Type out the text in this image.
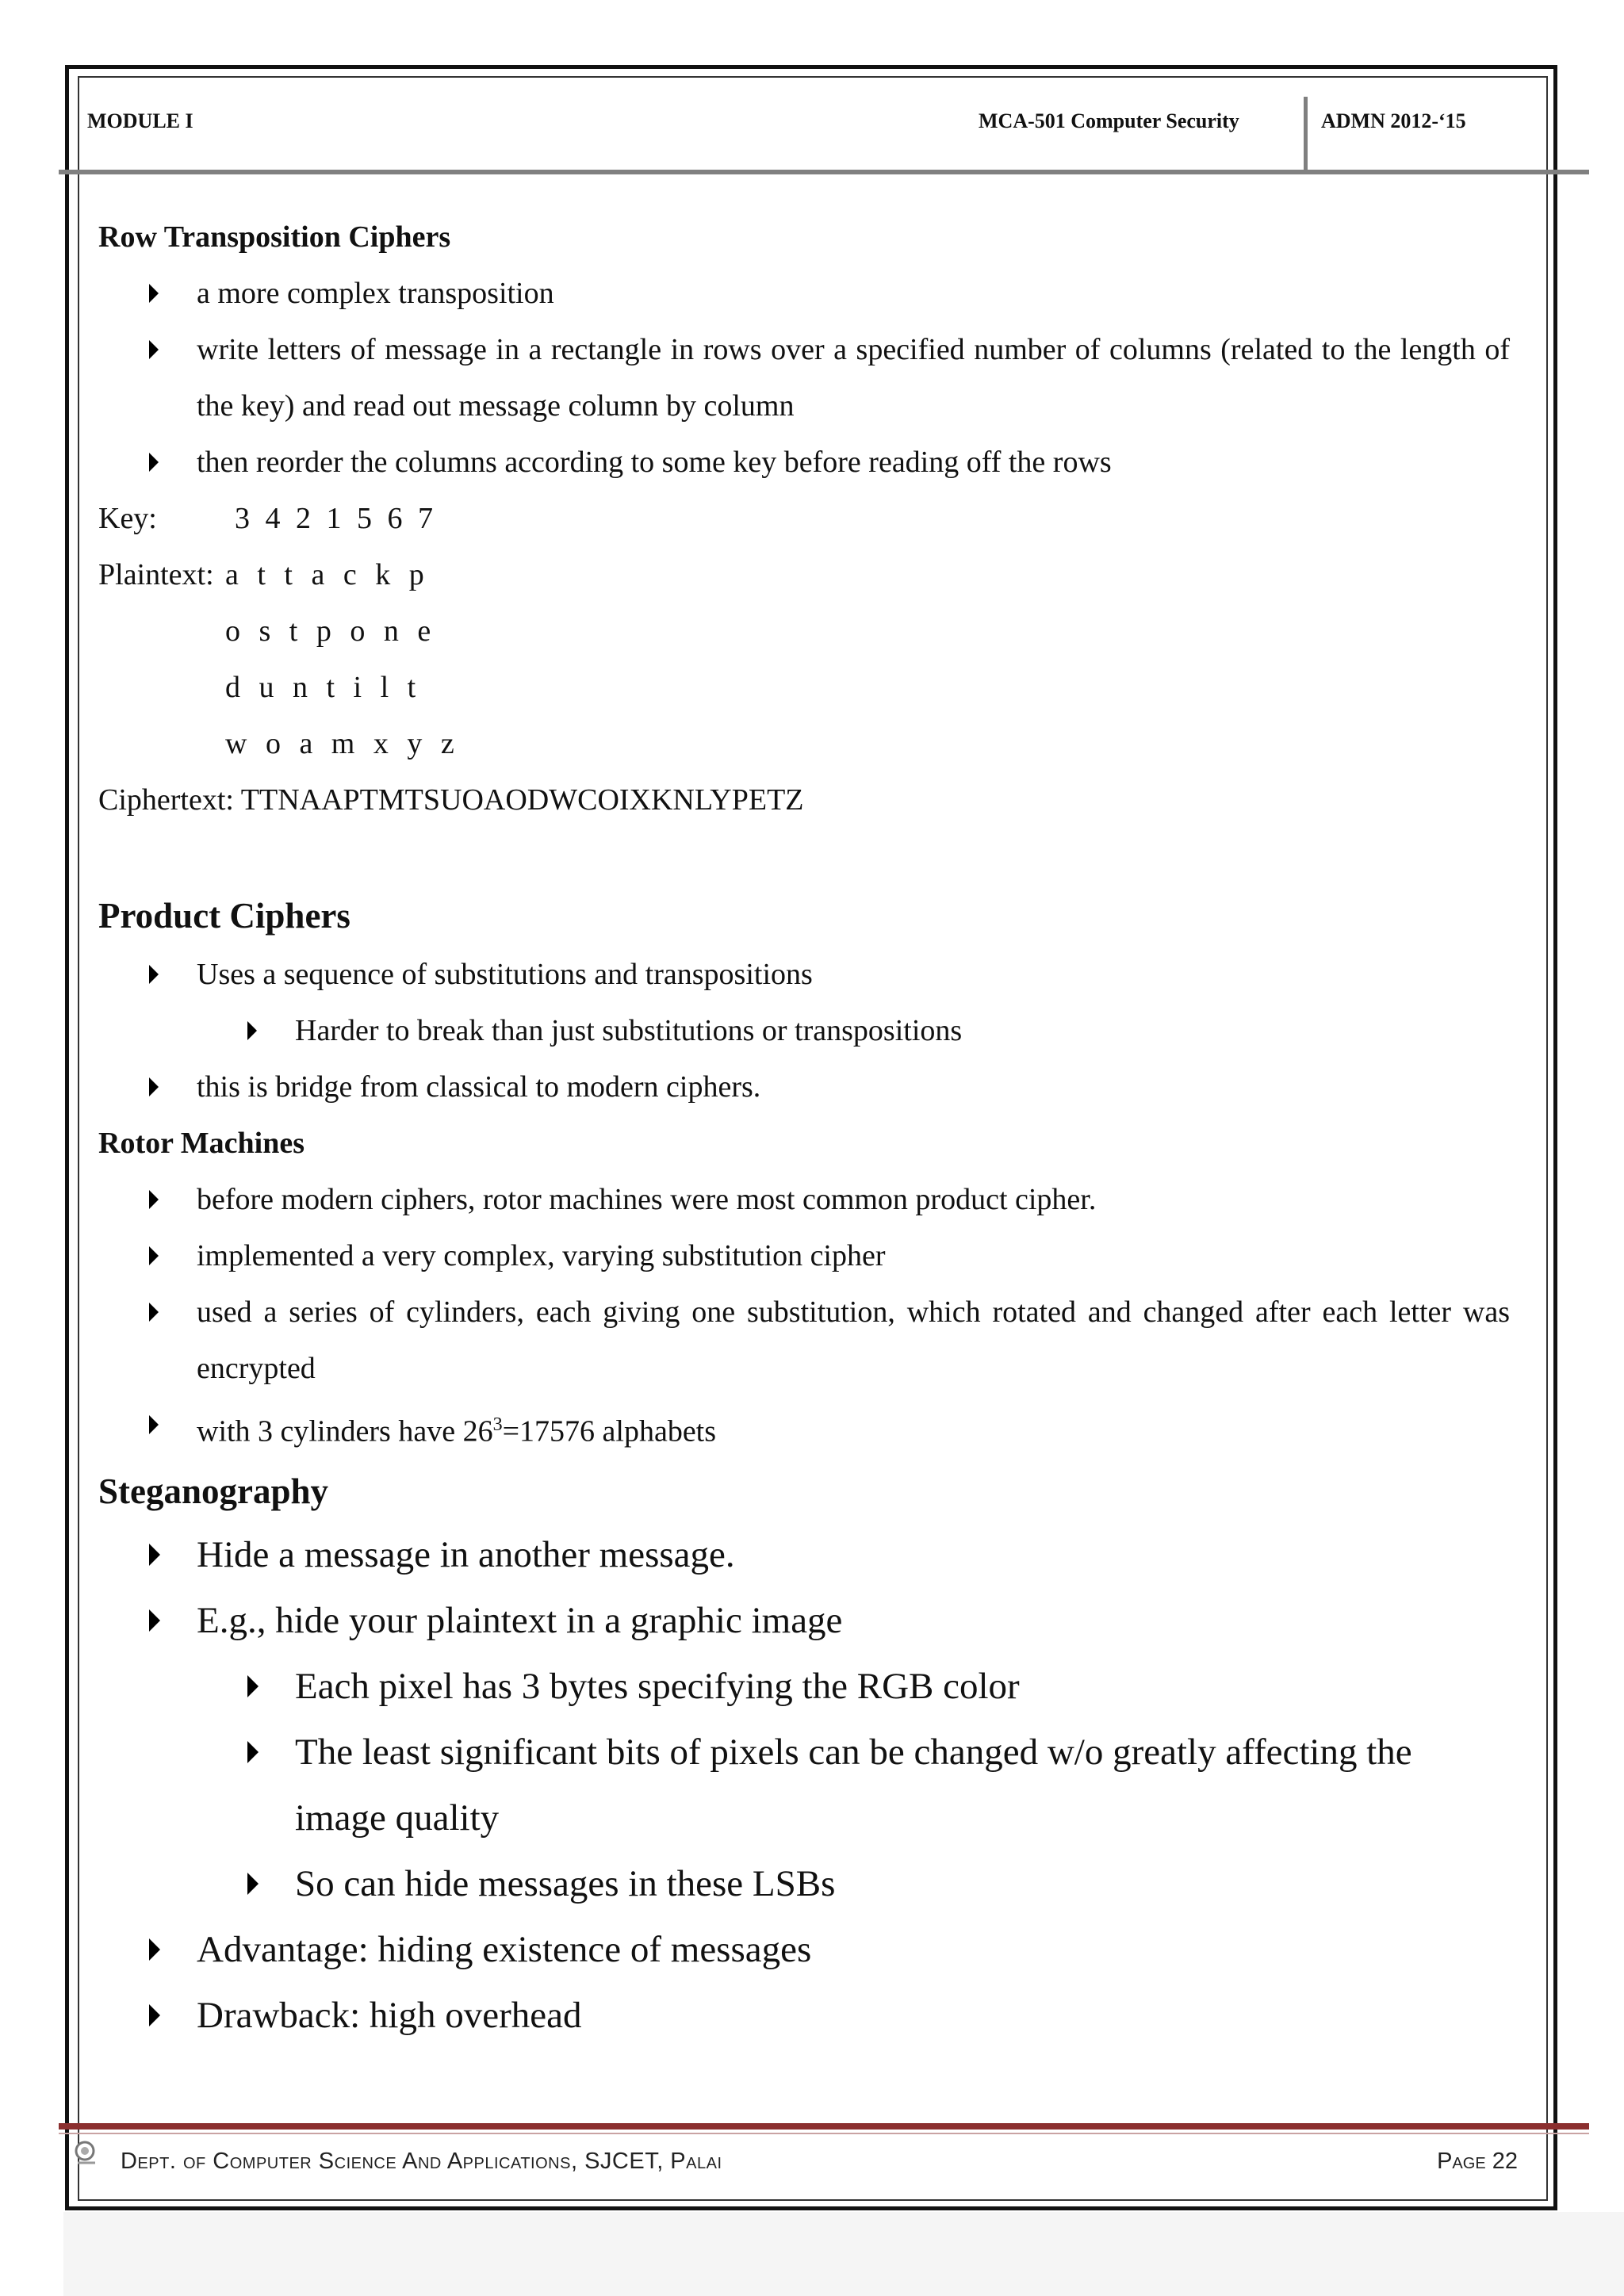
MODULE I	MCA-501 Computer Security	ADMN 2012-‘15
Row Transposition Ciphers
a more complex transposition
write letters of message in a rectangle in rows over a specified number of columns (related to the length of the key) and read out message column by column
then reorder the columns according to some key before reading off the rows
Key:	3 4 2 1 5 6 7
Plaintext: a t t a c k p
o s t p o n e
d u n t i l t
w o a m x y z
Ciphertext: TTNAAPTMTSUOAODWCOIXKNLYPETZ
Product Ciphers
Uses a sequence of substitutions and transpositions
Harder to break than just substitutions or transpositions
this is bridge from classical to modern ciphers.
Rotor Machines
before modern ciphers, rotor machines were most common product cipher.
implemented a very complex, varying substitution cipher
used a series of cylinders, each giving one substitution, which rotated and changed after each letter was encrypted
with 3 cylinders have $26^3=17576$ alphabets
Steganography
Hide a message in another message.
E.g., hide your plaintext in a graphic image
Each pixel has 3 bytes specifying the RGB color
The least significant bits of pixels can be changed w/o greatly affecting the image quality
So can hide messages in these LSBs
Advantage: hiding existence of messages
Drawback: high overhead
Dept. of Computer Science And Applications, SJCET, Palai	Page 22
